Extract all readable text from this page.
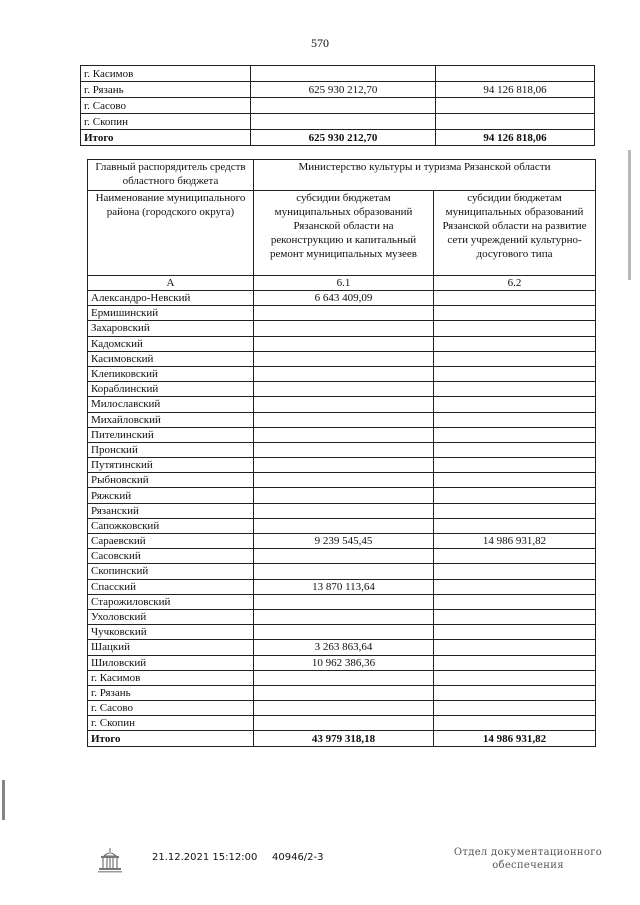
570
г. Касимов		
г. Рязань	625 930 212,70	94 126 818,06
г. Сасово		
г. Скопин		
Итого	625 930 212,70	94 126 818,06
Главный распорядитель средств областного бюджета	Министерство культуры и туризма Рязанской области	
Наименование муниципального района (городского округа)	субсидии бюджетам муниципальных образований Рязанской области на реконструкцию и капитальный ремонт муниципальных музеев	субсидии бюджетам муниципальных образований Рязанской области на развитие сети учреждений культурно-досугового типа
А	6.1	6.2
Александро-Невский	6 643 409,09	
Ермишинский		
Захаровский		
Кадомский		
Касимовский		
Клепиковский		
Кораблинский		
Милославский		
Михайловский		
Пителинский		
Пронский		
Путятинский		
Рыбновский		
Ряжский		
Рязанский		
Сапожковский		
Сараевский	9 239 545,45	14 986 931,82
Сасовский		
Скопинский		
Спасский	13 870 113,64	
Старожиловский		
Ухоловский		
Чучковский		
Шацкий	3 263 863,64	
Шиловский	10 962 386,36	
г. Касимов		
г. Рязань		
г. Сасово		
г. Скопин		
Итого	43 979 318,18	14 986 931,82
21.12.2021 15:12:00 40946/2-3	Отдел документационного
обеспечения
